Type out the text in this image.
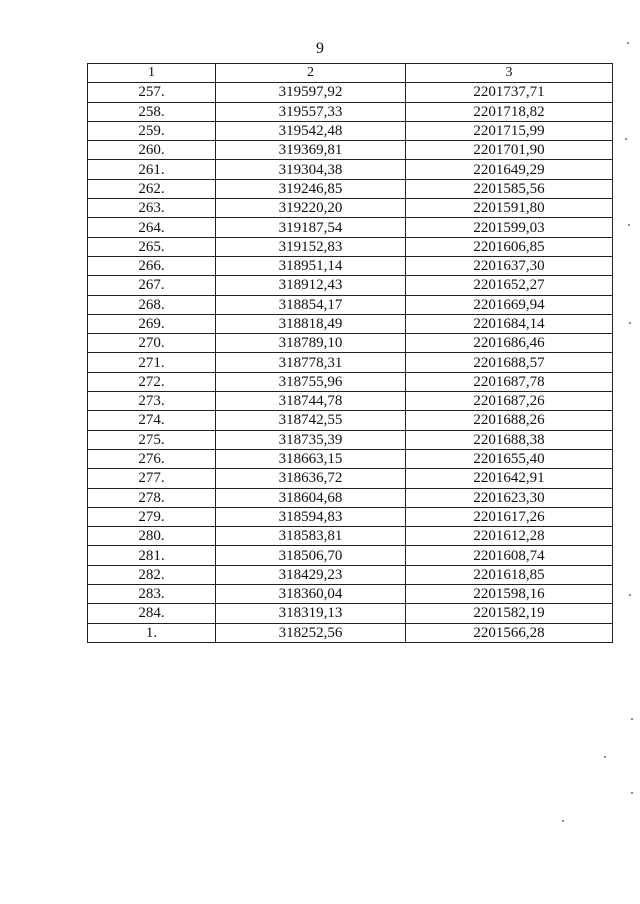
9
1	2	3
257.	319597,92	2201737,71
258.	319557,33	2201718,82
259.	319542,48	2201715,99
260.	319369,81	2201701,90
261.	319304,38	2201649,29
262.	319246,85	2201585,56
263.	319220,20	2201591,80
264.	319187,54	2201599,03
265.	319152,83	2201606,85
266.	318951,14	2201637,30
267.	318912,43	2201652,27
268.	318854,17	2201669,94
269.	318818,49	2201684,14
270.	318789,10	2201686,46
271.	318778,31	2201688,57
272.	318755,96	2201687,78
273.	318744,78	2201687,26
274.	318742,55	2201688,26
275.	318735,39	2201688,38
276.	318663,15	2201655,40
277.	318636,72	2201642,91
278.	318604,68	2201623,30
279.	318594,83	2201617,26
280.	318583,81	2201612,28
281.	318506,70	2201608,74
282.	318429,23	2201618,85
283.	318360,04	2201598,16
284.	318319,13	2201582,19
1.	318252,56	2201566,28
